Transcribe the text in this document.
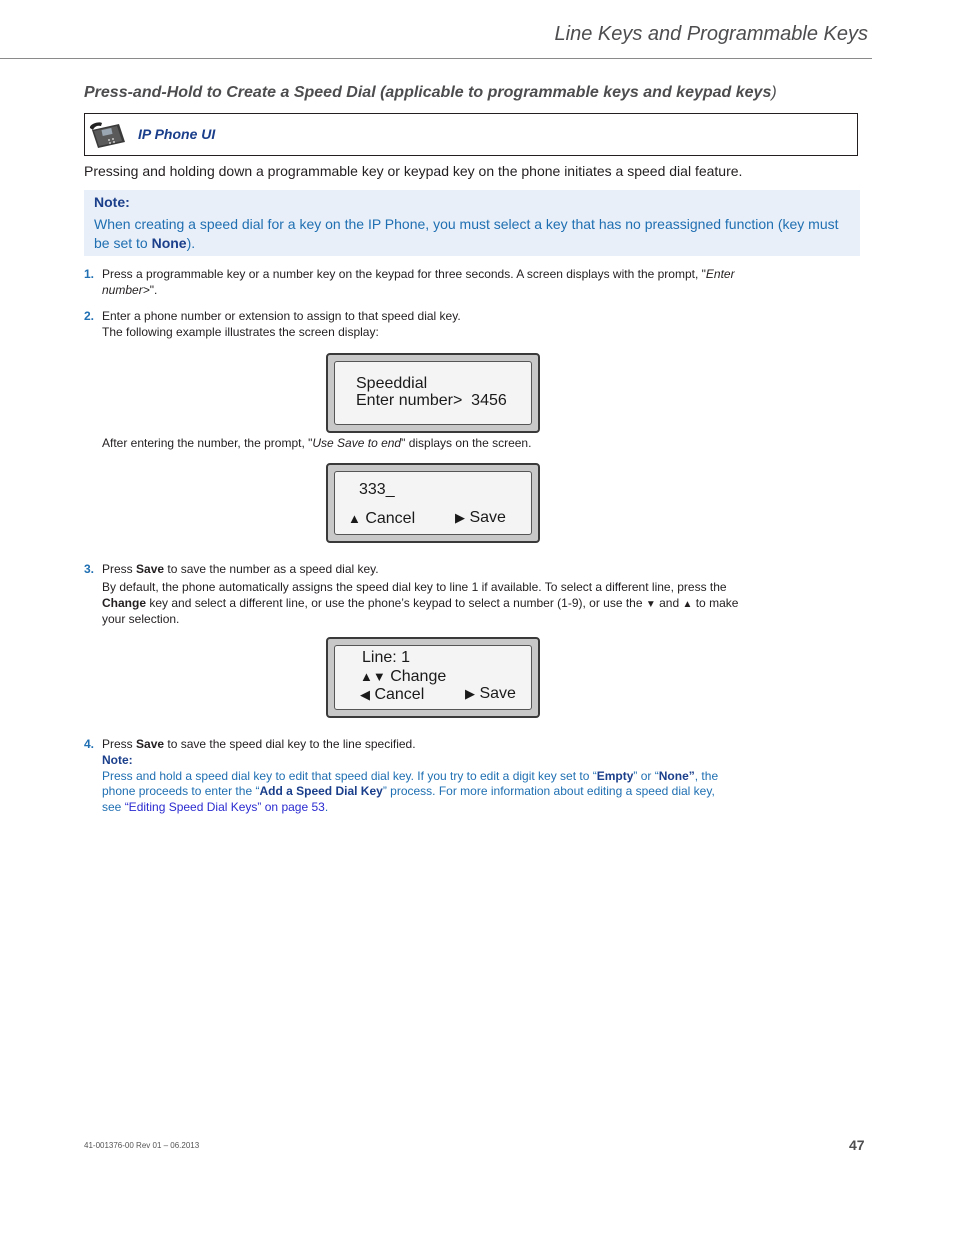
Line Keys and Programmable Keys
Press-and-Hold to Create a Speed Dial (applicable to programmable keys and keypad keys)
IP Phone UI
Pressing and holding down a programmable key or keypad key on the phone initiates a speed dial feature.
Note:
When creating a speed dial for a key on the IP Phone, you must select a key that has no preassigned function (key must be set to None).
1. Press a programmable key or a number key on the keypad for three seconds. A screen displays with the prompt, "Enter
number>".
2. Enter a phone number or extension to assign to that speed dial key.
The following example illustrates the screen display:
Speeddial
Enter number> 3456
After entering the number, the prompt, "Use Save to end" displays on the screen.
333_
▲ Cancel	▶ Save
3. Press Save to save the number as a speed dial key.
By default, the phone automatically assigns the speed dial key to line 1 if available. To select a different line, press the
Change key and select a different line, or use the phone’s keypad to select a number (1-9), or use the ▼ and ▲ to make
your selection.
Line: 1
▲▼ Change
◀ Cancel	▶ Save
4. Press Save to save the speed dial key to the line specified.
Note:
Press and hold a speed dial key to edit that speed dial key. If you try to edit a digit key set to “Empty” or “None”, the
phone proceeds to enter the “Add a Speed Dial Key” process. For more information about editing a speed dial key,
see “Editing Speed Dial Keys” on page 53.
41-001376-00 Rev 01 – 06.2013	47
